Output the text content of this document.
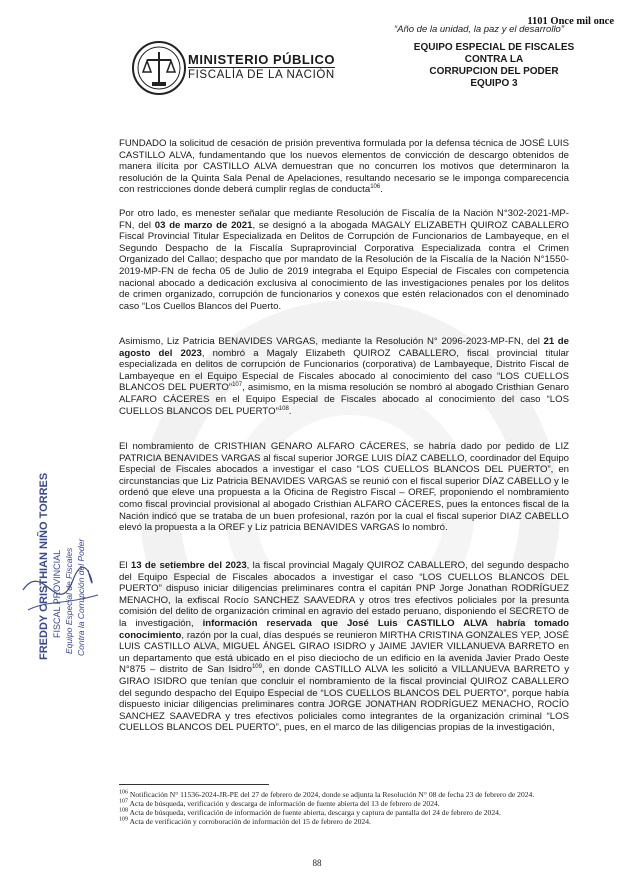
MINISTERIO PÚBLICO
FISCALÍA DE LA NACIÓN
“Año de la unidad, la paz y el desarrollo”
1101 Once mil once
EQUIPO ESPECIAL DE FISCALES CONTRA LA
CORRUPCION DEL PODER
EQUIPO 3
FUNDADO la solicitud de cesación de prisión preventiva formulada por la defensa técnica de JOSÉ LUIS CASTILLO ALVA, fundamentando que los nuevos elementos de convicción de descargo obtenidos de manera ilícita por CASTILLO ALVA demuestran que no concurren los motivos que determinaron la resolución de la Quinta Sala Penal de Apelaciones, resultando necesario se le imponga comparecencia con restricciones donde deberá cumplir reglas de conducta$^{106}$.
Por otro lado, es menester señalar que mediante Resolución de Fiscalía de la Nación N°302-2021-MP-FN, del 03 de marzo de 2021, se designó a la abogada MAGALY ELIZABETH QUIROZ CABALLERO Fiscal Provincial Titular Especializada en Delitos de Corrupción de Funcionarios de Lambayeque, en el Segundo Despacho de la Fiscalía Supraprovincial Corporativa Especializada contra el Crimen Organizado del Callao; despacho que por mandato de la Resolución de la Fiscalía de la Nación N°1550-2019-MP-FN de fecha 05 de Julio de 2019 integraba el Equipo Especial de Fiscales con competencia nacional abocado a dedicación exclusiva al conocimiento de las investigaciones penales por los delitos de crimen organizado, corrupción de funcionarios y conexos que estén relacionados con el denominado caso “Los Cuellos Blancos del Puerto.
Asimismo, Liz Patricia BENAVIDES VARGAS, mediante la Resolución N° 2096-2023-MP-FN, del 21 de agosto del 2023, nombró a Magaly Elizabeth QUIROZ CABALLERO, fiscal provincial titular especializada en delitos de corrupción de Funcionarios (corporativa) de Lambayeque, Distrito Fiscal de Lambayeque en el Equipo Especial de Fiscales abocado al conocimiento del caso “LOS CUELLOS BLANCOS DEL PUERTO”$^{107}$, asimismo, en la misma resolución se nombró al abogado Cristhian Genaro ALFARO CÁCERES en el Equipo Especial de Fiscales abocado al conocimiento del caso “LOS CUELLOS BLANCOS DEL PUERTO”$^{108}$.
El nombramiento de CRISTHIAN GENARO ALFARO CÁCERES, se habría dado por pedido de LIZ PATRICIA BENAVIDES VARGAS al fiscal superior JORGE LUIS DÍAZ CABELLO, coordinador del Equipo Especial de Fiscales abocados a investigar el caso “LOS CUELLOS BLANCOS DEL PUERTO”, en circunstancias que Liz Patricia BENAVIDES VARGAS se reunió con el fiscal superior DÍAZ CABELLO y le ordenó que eleve una propuesta a la Oficina de Registro Fiscal – OREF, proponiendo el nombramiento como fiscal provincial provisional al abogado Cristhian ALFARO CÁCERES, pues la entonces fiscal de la Nación indicó que se trataba de un buen profesional, razón por la cual el fiscal superior DIAZ CABELLO elevó la propuesta a la OREF y Liz patricia BENAVIDES VARGAS lo nombró.
El 13 de setiembre del 2023, la fiscal provincial Magaly QUIROZ CABALLERO, del segundo despacho del Equipo Especial de Fiscales abocados a investigar el caso “LOS CUELLOS BLANCOS DEL PUERTO” dispuso iniciar diligencias preliminares contra el capitán PNP Jorge Jonathan RODRÍGUEZ MENACHO, la exfiscal Rocío SANCHEZ SAAVEDRA y otros tres efectivos policiales por la presunta comisión del delito de organización criminal en agravio del estado peruano, disponiendo el SECRETO de la investigación, información reservada que José Luis CASTILLO ALVA habría tomado conocimiento, razón por la cual, días después se reunieron MIRTHA CRISTINA GONZALES YEP, JOSÉ LUIS CASTILLO ALVA, MIGUEL ÁNGEL GIRAO ISIDRO y JAIME JAVIER VILLANUEVA BARRETO en un departamento que está ubicado en el piso dieciocho de un edificio en la avenida Javier Prado Oeste N°875 – distrito de San Isidro$^{109}$, en donde CASTILLO ALVA les solicitó a VILLANUEVA BARRETO y GIRAO ISIDRO que tenían que concluir el nombramiento de la fiscal provincial QUIROZ CABALLERO del segundo despacho del Equipo Especial de “LOS CUELLOS BLANCOS DEL PUERTO”, porque había dispuesto iniciar diligencias preliminares contra JORGE JONATHAN RODRÍGUEZ MENACHO, ROCÍO SANCHEZ SAAVEDRA y tres efectivos policiales como integrantes de la organización criminal “LOS CUELLOS BLANCOS DEL PUERTO”, pues, en el marco de las diligencias propias de la investigación,
FREDDY CRISTHIAN NIÑO TORRES FISCAL PROVINCIAL Equipo Especial de Fiscales Contra la Corrupción del Poder
$^{106}$ Notificación N° 11536-2024-JR-PE del 27 de febrero de 2024, donde se adjunta la Resolución N° 08 de fecha 23 de febrero de 2024.
$^{107}$ Acta de búsqueda, verificación y descarga de información de fuente abierta del 13 de febrero de 2024.
$^{108}$ Acta de búsqueda, verificación de información de fuente abierta, descarga y captura de pantalla del 24 de febrero de 2024.
$^{109}$ Acta de verificación y corroboración de información del 15 de febrero de 2024.
88
